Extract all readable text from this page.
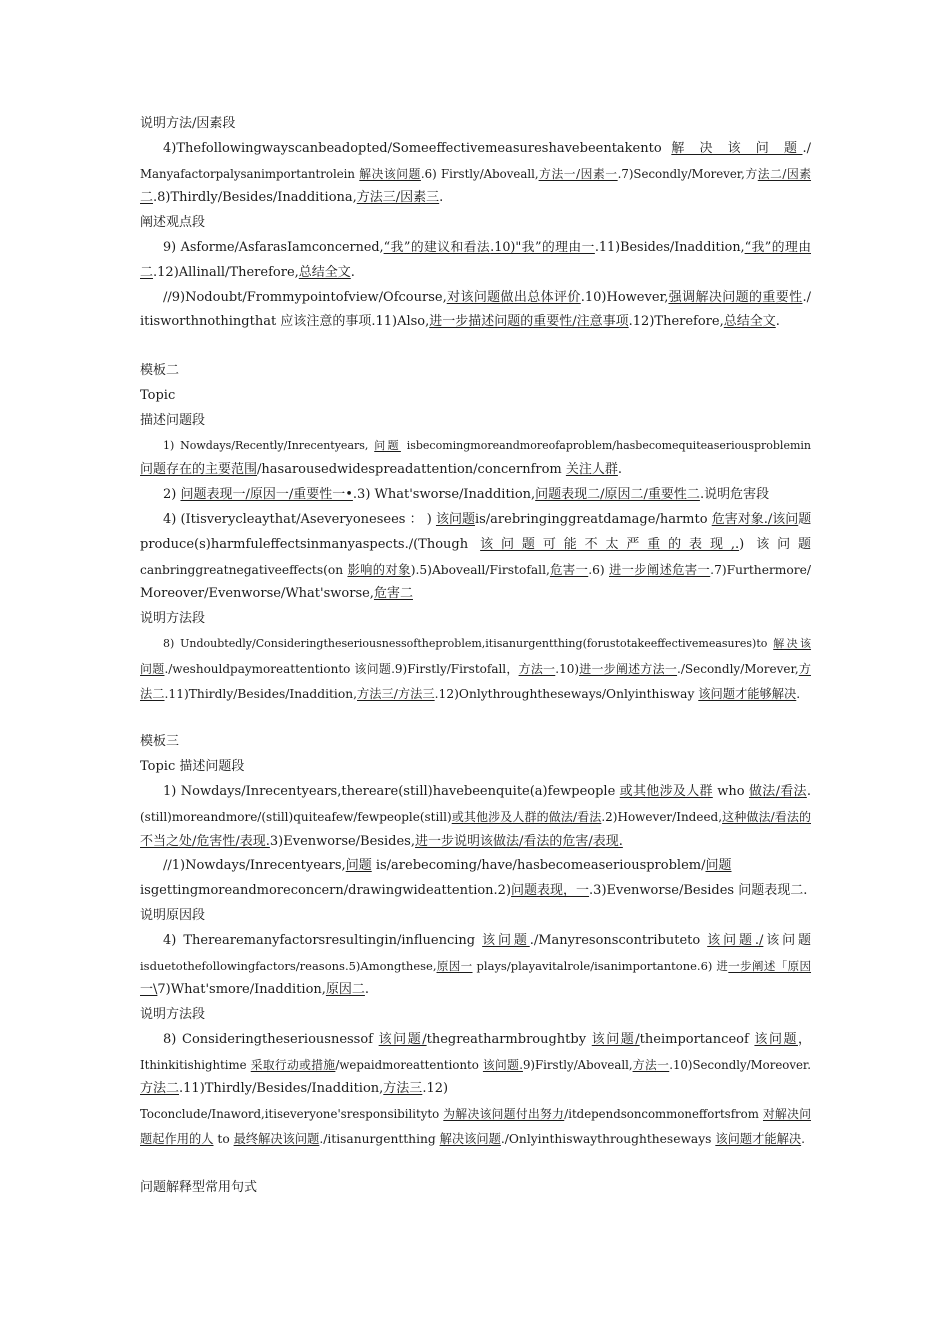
说明方法/因素段
4)Thefollowingwayscanbeadopted/Someeffectivemeasureshavebeentakento 解 决 该 问 题./
Manyafactorpalysanimportantrolein 解决该问题.6) Firstly/Aboveall,方法一/因素一.7)Secondly/Morever,方法二/因素
二.8)Thirdly/Besides/Inadditiona,方法三/因素三.
阐述观点段
9) Asforme/AsfarasIamconcerned,“我”的建议和看法.10)"我”的理由一.11)Besides/Inaddition,“我”的理由
二.12)Allinall/Therefore,总结全文.
//9)Nodoubt/Frommypointofview/Ofcourse,对该问题做出总体评价.10)However,强调解决问题的重要性./
itisworthnothingthat 应该注意的事项.11)Also,进一步描述问题的重要性/注意事项.12)Therefore,总结全文.
模板二
Topic
描述问题段
1) Nowdays/Recently/Inrecentyears, 问题 isbecomingmoreandmoreofaproblem/hasbecomequiteaseriousproblemin
问题存在的主要范围/hasarousedwidespreadattention/concernfrom 关注人群.
2) 问题表现一/原因一/重要性一•.3) What'sworse/Inaddition,问题表现二/原因二/重要性二.说明危害段
4) (Itisverycleaythat/Aseveryonesees ： ) 该问题is/arebringinggreatdamage/harmto 危害对象./该问题
produce(s)harmfuleffectsinmanyaspects./(Though 该问题可能不太严重的表现,.) 该问题
canbringgreatnegativeeffects(on 影响的对象).5)Aboveall/Firstofall,危害一.6) 进一步阐述危害一.7)Furthermore/
Moreover/Evenworse/What'sworse,危害二
说明方法段
8) Undoubtedly/Consideringtheseriousnessoftheproblem,itisanurgentthing(forustotakeeffectivemeasures)to 解决该
问题./weshouldpaymoreattentionto 该问题.9)Firstly/Firstofall，方法一.10)进一步阐述方法一./Secondly/Morever,方
法二.11)Thirdly/Besides/Inaddition,方法三/方法三.12)Onlythroughtheseways/Onlyinthisway 该问题才能够解决.
模板三
Topic 描述问题段
1) Nowdays/Inrecentyears,thereare(still)havebeenquite(a)fewpeople 或其他涉及人群 who 做法/看法.
(still)moreandmore/(still)quiteafew/fewpeople(still)或其他涉及人群的做法/看法.2)However/Indeed,这种做法/看法的
不当之处/危害性/表现.3)Evenworse/Besides,进一步说明该做法/看法的危害/表现.
//1)Nowdays/Inrecentyears,问题 is/arebecoming/have/hasbecomeaseriousproblem/问题
isgettingmoreandmoreconcern/drawingwideattention.2)问题表现，一.3)Evenworse/Besides 问题表现二.
说明原因段
4) Therearemanyfactorsresultingin/influencing 该问题./Manyresonscontributeto 该问题./该问题
isduetothefollowingfactors/reasons.5)Amongthese,原因一 plays/playavitalrole/isanimportantone.6) 进一步阐述「原因
一\7)What'smore/Inaddition,原因二.
说明方法段
8) Consideringtheseriousnessof 该问题/thegreatharmbroughtby 该问题/theimportanceof 该问题，
Ithinkitishightime 采取行动或措施/wepaidmoreattentionto 该问题.9)Firstly/Aboveall,方法一.10)Secondly/Moreover.
方法二.11)Thirdly/Besides/Inaddition,方法三.12)
Toconclude/Inaword,itiseveryone'sresponsibilityto 为解决该问题付出努力/itdependsoncommoneffortsfrom 对解决问
题起作用的人 to 最终解决该问题./itisanurgentthing 解决该问题./Onlyinthiswaythroughtheseways 该问题才能解决.
问题解释型常用句式
